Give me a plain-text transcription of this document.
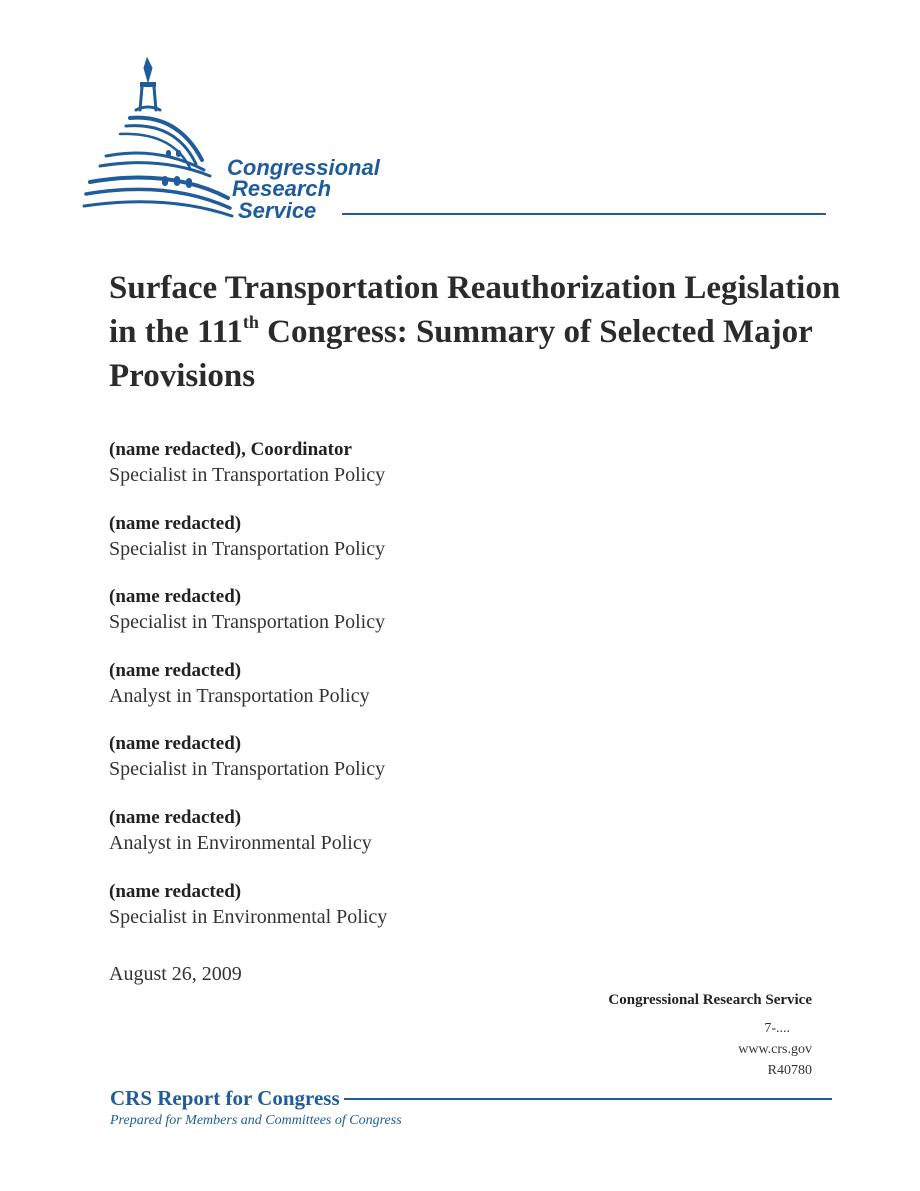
Congressional
Research
Service
Surface Transportation Reauthorization Legislation in the 111th Congress: Summary of Selected Major Provisions
(name redacted), Coordinator
Specialist in Transportation Policy
(name redacted)
Specialist in Transportation Policy
(name redacted)
Specialist in Transportation Policy
(name redacted)
Analyst in Transportation Policy
(name redacted)
Specialist in Transportation Policy
(name redacted)
Analyst in Environmental Policy
(name redacted)
Specialist in Environmental Policy
August 26, 2009
Congressional Research Service
7-....
www.crs.gov
R40780
CRS Report for Congress
Prepared for Members and Committees of Congress
